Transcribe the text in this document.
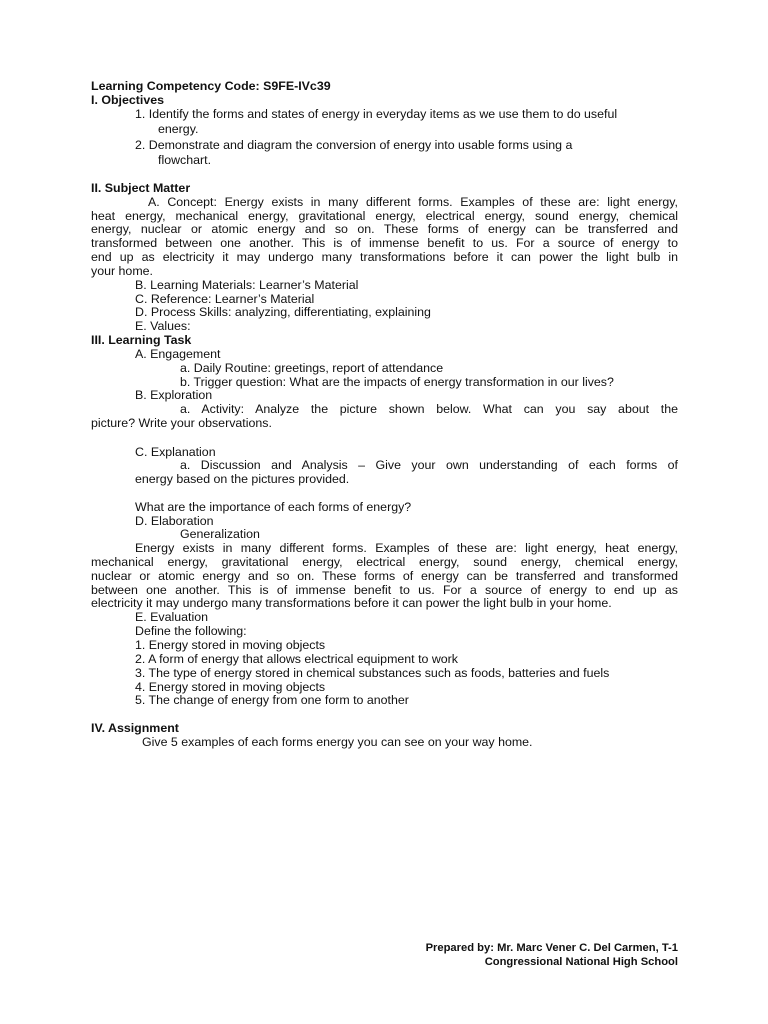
Learning Competency Code: S9FE-IVc39
I. Objectives
1. Identify the forms and states of energy in everyday items as we use them to do useful
energy.
2. Demonstrate and diagram the conversion of energy into usable forms using a
flowchart.
II. Subject Matter
A. Concept: Energy exists in many different forms. Examples of these are: light energy,
heat energy, mechanical energy, gravitational energy, electrical energy, sound energy, chemical
energy, nuclear or atomic energy and so on. These forms of energy can be transferred and
transformed between one another. This is of immense benefit to us. For a source of energy to
end up as electricity it may undergo many transformations before it can power the light bulb in
your home.
B. Learning Materials: Learner’s Material
C. Reference: Learner’s Material
D. Process Skills: analyzing, differentiating, explaining
E. Values:
III. Learning Task
A. Engagement
a. Daily Routine: greetings, report of attendance
b. Trigger question: What are the impacts of energy transformation in our lives?
B. Exploration
a. Activity: Analyze the picture shown below. What can you say about the
picture? Write your observations.
C. Explanation
a. Discussion and Analysis – Give your own understanding of each forms of
energy based on the pictures provided.
What are the importance of each forms of energy?
D. Elaboration
Generalization
Energy exists in many different forms. Examples of these are: light energy, heat energy,
mechanical energy, gravitational energy, electrical energy, sound energy, chemical energy,
nuclear or atomic energy and so on. These forms of energy can be transferred and transformed
between one another. This is of immense benefit to us. For a source of energy to end up as
electricity it may undergo many transformations before it can power the light bulb in your home.
E. Evaluation
Define the following:
1. Energy stored in moving objects
2. A form of energy that allows electrical equipment to work
3. The type of energy stored in chemical substances such as foods, batteries and fuels
4. Energy stored in moving objects
5. The change of energy from one form to another
IV. Assignment
Give 5 examples of each forms energy you can see on your way home.
Prepared by: Mr. Marc Vener C. Del Carmen, T-1
Congressional National High School
